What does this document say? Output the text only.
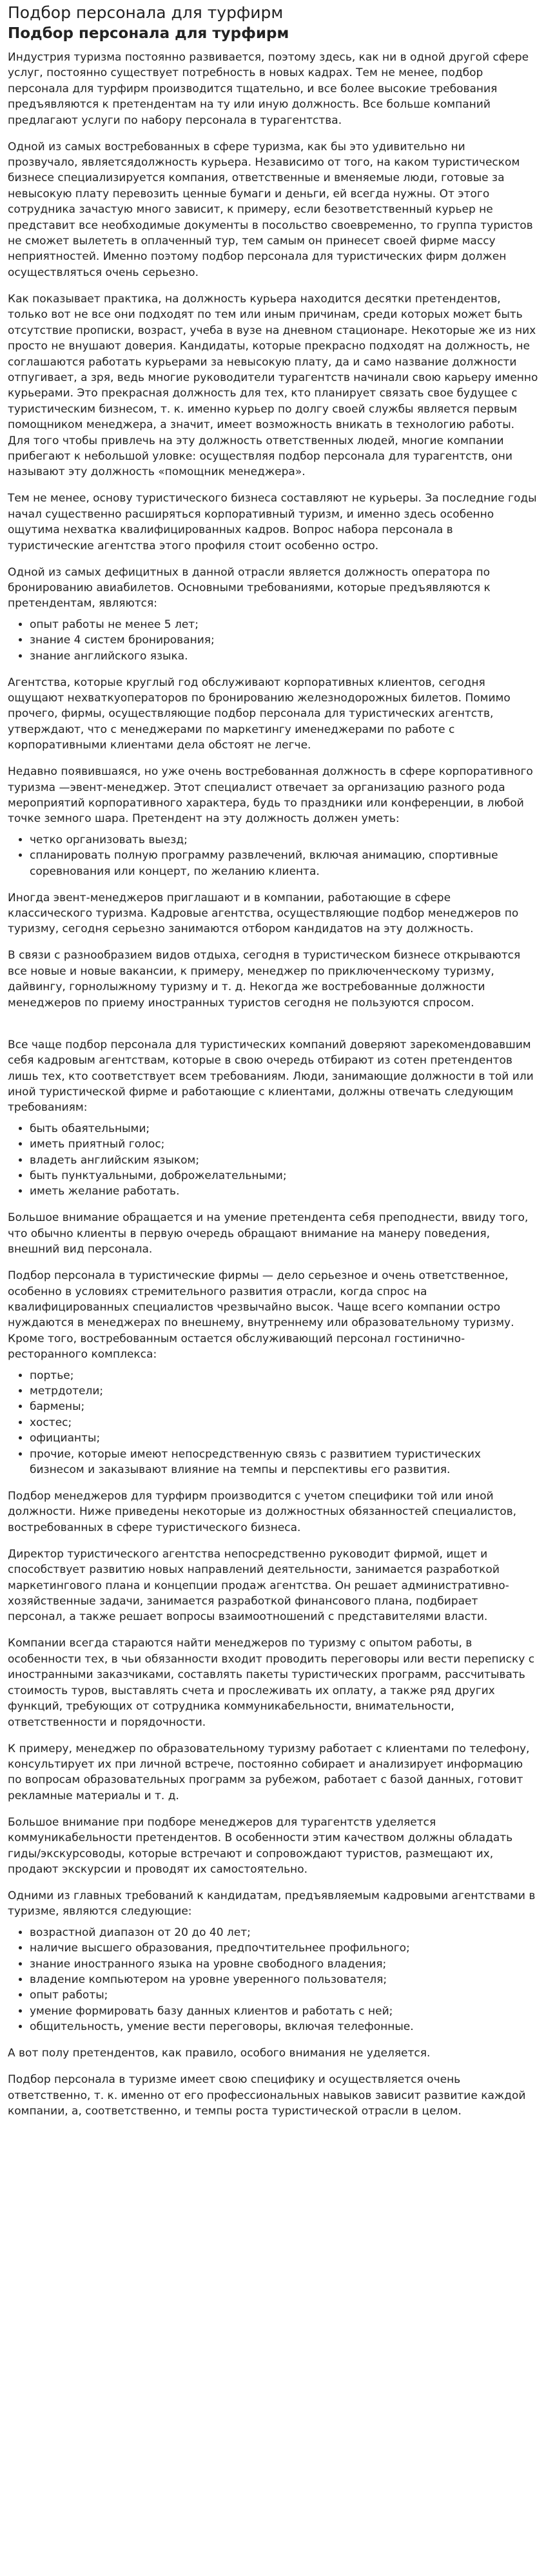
Подбор персонала для турфирм
Подбор персонала для турфирм

Индустрия туризма постоянно развивается, поэтому здесь, как ни в одной другой сфере услуг, постоянно существует потребность в новых кадрах. Тем не менее, подбор персонала для турфирм производится тщательно, и все более высокие требования предъявляются к претендентам на ту или иную должность. Все больше компаний предлагают услуги по набору персонала в турагентства.

Одной из самых востребованных в сфере туризма, как бы это удивительно ни прозвучало, являетсядолжность курьера. Независимо от того, на каком туристическом бизнесе специализируется компания, ответственные и вменяемые люди, готовые за невысокую плату перевозить ценные бумаги и деньги, ей всегда нужны. От этого сотрудника зачастую много зависит, к примеру, если безответственный курьер не представит все необходимые документы в посольство своевременно, то группа туристов не сможет вылететь в оплаченный тур, тем самым он принесет своей фирме массу неприятностей. Именно поэтому подбор персонала для туристических фирм должен осуществляться очень серьезно.

Как показывает практика, на должность курьера находится десятки претендентов, только вот не все они подходят по тем или иным причинам, среди которых может быть отсутствие прописки, возраст, учеба в вузе на дневном стационаре. Некоторые же из них просто не внушают доверия. Кандидаты, которые прекрасно подходят на должность, не соглашаются работать курьерами за невысокую плату, да и само название должности отпугивает, а зря, ведь многие руководители турагентств начинали свою карьеру именно курьерами. Это прекрасная должность для тех, кто планирует связать свое будущее с туристическим бизнесом, т. к. именно курьер по долгу своей службы является первым помощником менеджера, а значит, имеет возможность вникать в технологию работы. Для того чтобы привлечь на эту должность ответственных людей, многие компании прибегают к небольшой уловке: осуществляя подбор персонала для турагентств, они называют эту должность «помощник менеджера».

Тем не менее, основу туристического бизнеса составляют не курьеры. За последние годы начал существенно расширяться корпоративный туризм, и именно здесь особенно ощутима нехватка квалифицированных кадров. Вопрос набора персонала в туристические агентства этого профиля стоит особенно остро.

Одной из самых дефицитных в данной отрасли является должность оператора по бронированию авиабилетов. Основными требованиями, которые предъявляются к претендентам, являются:

• опыт работы не менее 5 лет;
• знание 4 систем бронирования;
• знание английского языка.

Агентства, которые круглый год обслуживают корпоративных клиентов, сегодня ощущают нехваткуоператоров по бронированию железнодорожных билетов. Помимо прочего, фирмы, осуществляющие подбор персонала для туристических агентств, утверждают, что с менеджерами по маркетингу именеджерами по работе с корпоративными клиентами дела обстоят не легче.

Недавно появившаяся, но уже очень востребованная должность в сфере корпоративного туризма —эвент-менеджер. Этот специалист отвечает за организацию разного рода мероприятий корпоративного характера, будь то праздники или конференции, в любой точке земного шара. Претендент на эту должность должен уметь:

• четко организовать выезд;
• спланировать полную программу развлечений, включая анимацию, спортивные соревнования или концерт, по желанию клиента.

Иногда эвент-менеджеров приглашают и в компании, работающие в сфере классического туризма. Кадровые агентства, осуществляющие подбор менеджеров по туризму, сегодня серьезно занимаются отбором кандидатов на эту должность.

В связи с разнообразием видов отдыха, сегодня в туристическом бизнесе открываются все новые и новые вакансии, к примеру, менеджер по приключенческому туризму, дайвингу, горнолыжному туризму и т. д. Некогда же востребованные должности менеджеров по приему иностранных туристов сегодня не пользуются спросом.

Все чаще подбор персонала для туристических компаний доверяют зарекомендовавшим себя кадровым агентствам, которые в свою очередь отбирают из сотен претендентов лишь тех, кто соответствует всем требованиям. Люди, занимающие должности в той или иной туристической фирме и работающие с клиентами, должны отвечать следующим требованиям:

• быть обаятельными;
• иметь приятный голос;
• владеть английским языком;
• быть пунктуальными, доброжелательными;
• иметь желание работать.

Большое внимание обращается и на умение претендента себя преподнести, ввиду того, что обычно клиенты в первую очередь обращают внимание на манеру поведения, внешний вид персонала.

Подбор персонала в туристические фирмы — дело серьезное и очень ответственное, особенно в условиях стремительного развития отрасли, когда спрос на квалифицированных специалистов чрезвычайно высок. Чаще всего компании остро нуждаются в менеджерах по внешнему, внутреннему или образовательному туризму. Кроме того, востребованным остается обслуживающий персонал гостинично-ресторанного комплекса:

• портье;
• метрдотели;
• бармены;
• хостес;
• официанты;
• прочие, которые имеют непосредственную связь с развитием туристических бизнесом и заказывают влияние на темпы и перспективы его развития.

Подбор менеджеров для турфирм производится с учетом специфики той или иной должности. Ниже приведены некоторые из должностных обязанностей специалистов, востребованных в сфере туристического бизнеса.

Директор туристического агентства непосредственно руководит фирмой, ищет и способствует развитию новых направлений деятельности, занимается разработкой маркетингового плана и концепции продаж агентства. Он решает административно-хозяйственные задачи, занимается разработкой финансового плана, подбирает персонал, а также решает вопросы взаимоотношений с представителями власти.

Компании всегда стараются найти менеджеров по туризму с опытом работы, в особенности тех, в чьи обязанности входит проводить переговоры или вести переписку с иностранными заказчиками, составлять пакеты туристических программ, рассчитывать стоимость туров, выставлять счета и прослеживать их оплату, а также ряд других функций, требующих от сотрудника коммуникабельности, внимательности, ответственности и порядочности.

К примеру, менеджер по образовательному туризму работает с клиентами по телефону, консультирует их при личной встрече, постоянно собирает и анализирует информацию по вопросам образовательных программ за рубежом, работает с базой данных, готовит рекламные материалы и т. д.

Большое внимание при подборе менеджеров для турагентств уделяется коммуникабельности претендентов. В особенности этим качеством должны обладать гиды/экскурсоводы, которые встречают и сопровождают туристов, размещают их, продают экскурсии и проводят их самостоятельно.

Одними из главных требований к кандидатам, предъявляемым кадровыми агентствами в туризме, являются следующие:

• возрастной диапазон от 20 до 40 лет;
• наличие высшего образования, предпочтительнее профильного;
• знание иностранного языка на уровне свободного владения;
• владение компьютером на уровне уверенного пользователя;
• опыт работы;
• умение формировать базу данных клиентов и работать с ней;
• общительность, умение вести переговоры, включая телефонные.

А вот полу претендентов, как правило, особого внимания не уделяется.

Подбор персонала в туризме имеет свою специфику и осуществляется очень ответственно, т. к. именно от его профессиональных навыков зависит развитие каждой компании, а, соответственно, и темпы роста туристической отрасли в целом.
